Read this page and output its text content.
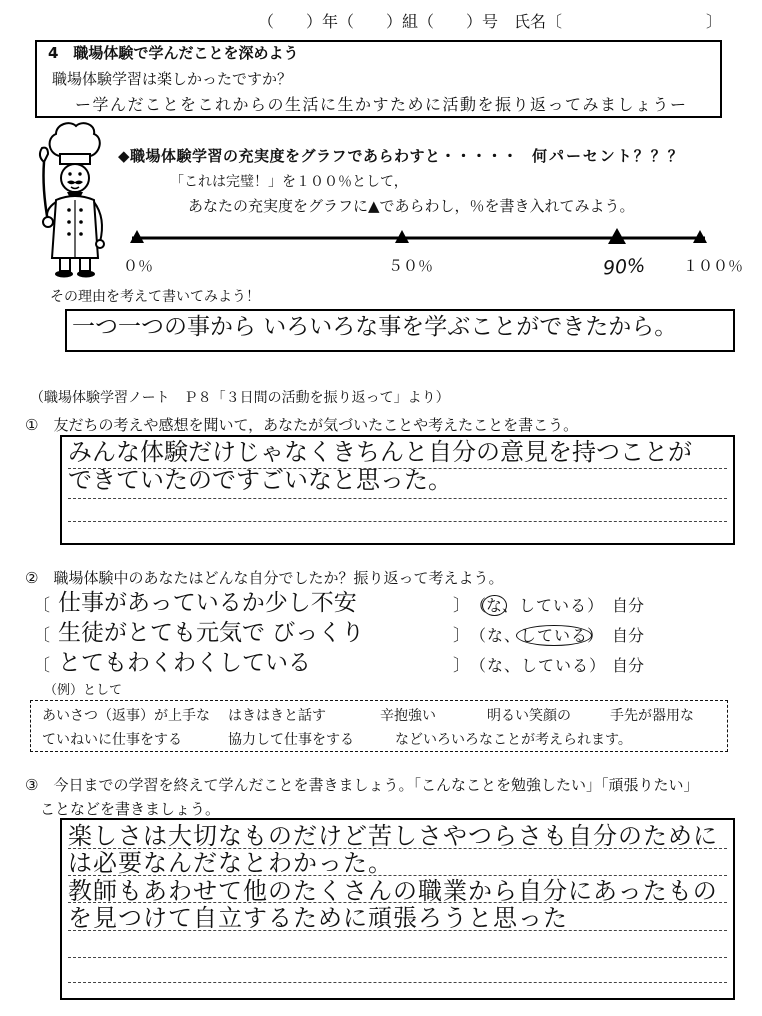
（　　）年（　　）組（　　）号　氏名〔　　　　　　　　　〕
4　職場体験で学んだことを深めよう
職場体験学習は楽しかったですか？
ー学んだことをこれからの生活に生かすために活動を振り返ってみましょうー
◆職場体験学習の充実度をグラフであらわすと・・・・・ 何パーセント？？？
「これは完璧！」を１００％として，
あなたの充実度をグラフに▲であらわし，％を書き入れてみよう。
０％	５０％	１００％
90%
その理由を考えて書いてみよう！
一つ一つの事から いろいろな事を学ぶことができたから。
（職場体験学習ノート　Ｐ８「３日間の活動を振り返って」より）
①　友だちの考えや感想を聞いて，あなたが気づいたことや考えたことを書こう。
みんな体験だけじゃなくきちんと自分の意見を持つことが
できていたのですごいなと思った。
②　職場体験中のあなたはどんな自分でしたか？振り返って考えよう。
〔 仕事があっているか少し不安	〕 （な、している） 自分
〔 生徒がとても元気で びっくり	〕 （な、している） 自分
〔 とてもわくわくしている	〕 （な、している） 自分
（例）として
あいさつ（返事）が上手な はきはきと話す	辛抱強い	明るい笑顔の	手先が器用な
ていねいに仕事をする	協力して仕事をする	などいろいろなことが考えられます。
③　今日までの学習を終えて学んだことを書きましょう。「こんなことを勉強したい」「頑張りたい」
ことなどを書きましょう。
楽しさは大切なものだけど苦しさやつらさも自分のために
は必要なんだなとわかった。
教師もあわせて他のたくさんの職業から自分にあったもの
を見つけて自立するために頑張ろうと思った
